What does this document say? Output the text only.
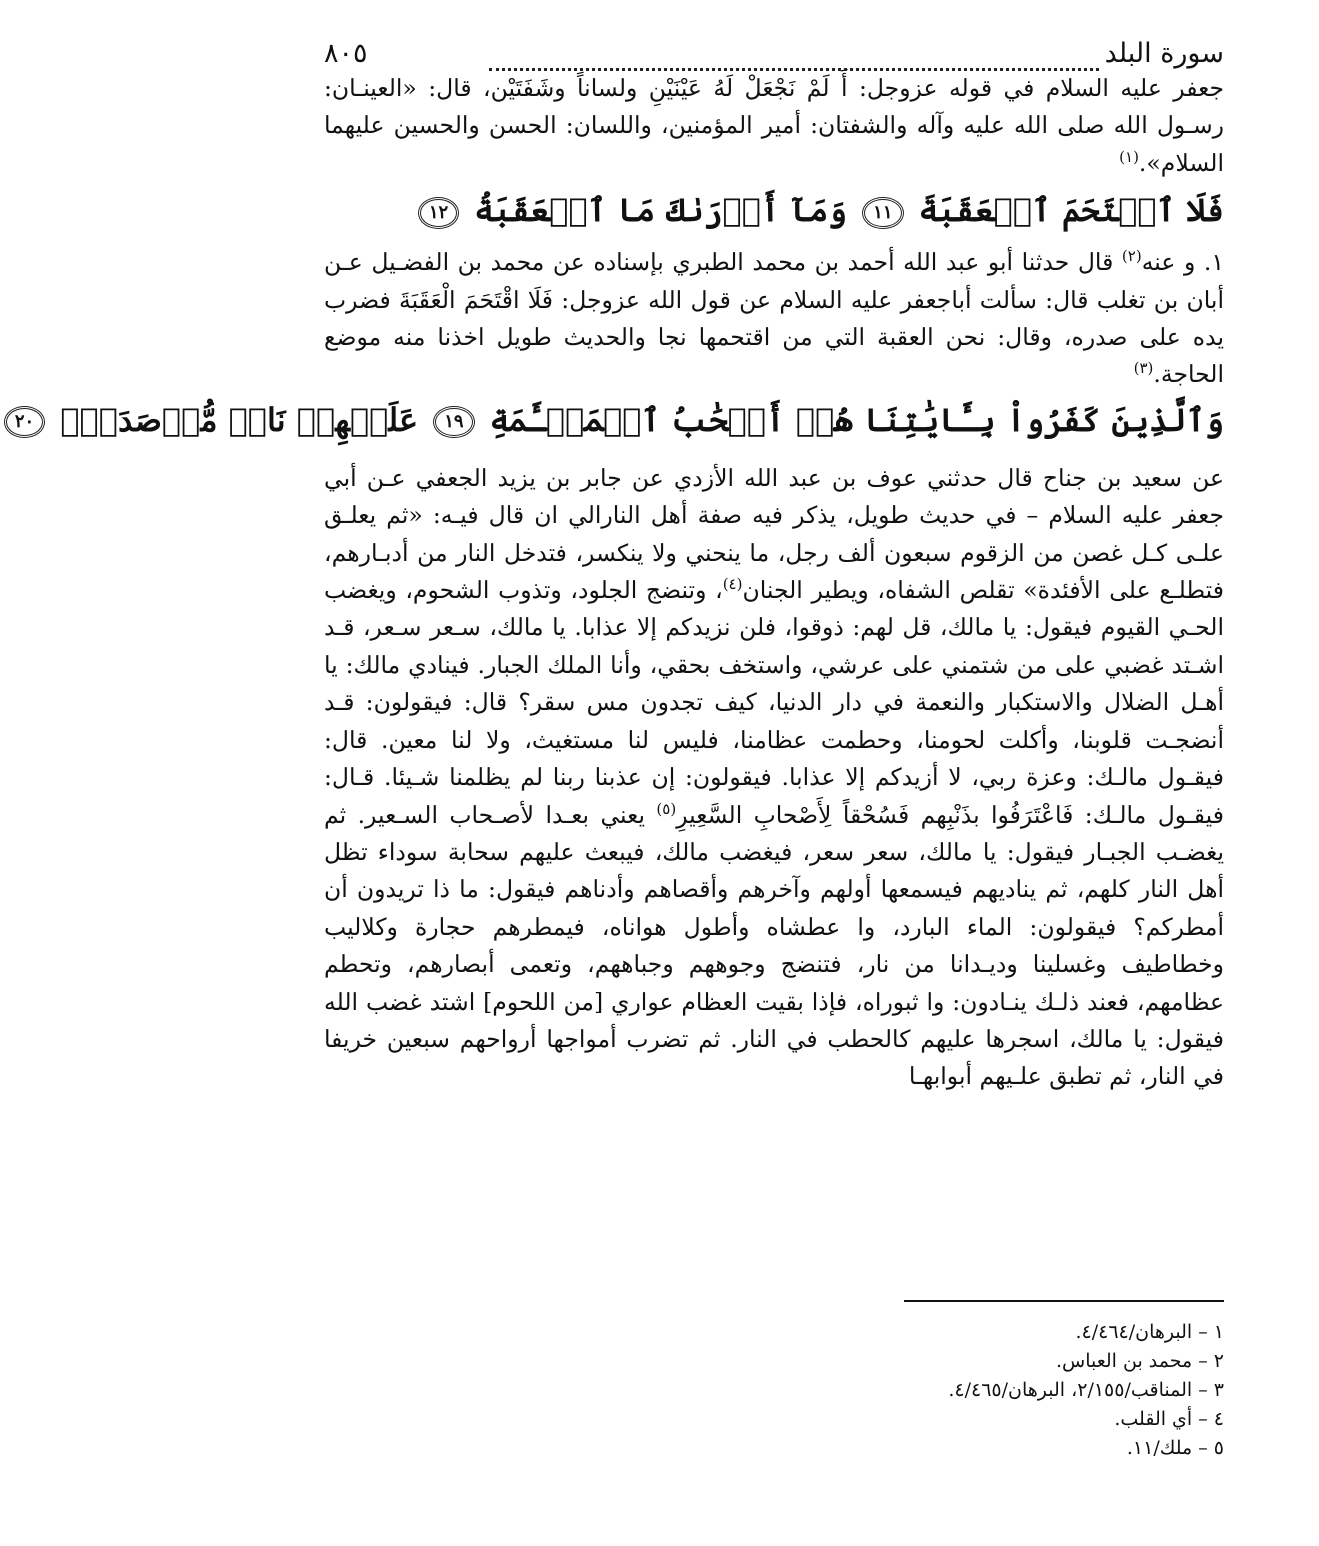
سورة البلد
٨٠٥

جعفر عليه السلام في قوله عزوجل: أَ لَمْ نَجْعَلْ لَهُ عَيْنَيْنِ ولساناً وشَفَتَيْن، قال: «العينـان: رسـول الله صلى الله عليه وآله والشفتان: أمير المؤمنين، واللسان: الحسن والحسين عليهما السلام».$^{(١)}$

فَلَا ٱقۡتَحَمَ ٱلۡعَقَبَةَ ١١ وَمَآ أَدۡرَىٰكَ مَا ٱلۡعَقَبَةُ ١٢

١. و عنه$^{(٢)}$ قال حدثنا أبو عبد الله أحمد بن محمد الطبري بإسناده عن محمد بن الفضـيل عـن أبان بن تغلب قال: سألت أباجعفر عليه السلام عن قول الله عزوجل: فَلَا اقْتَحَمَ الْعَقَبَةَ فضرب يده على صدره، وقال: نحن العقبة التي من اقتحمها نجا والحديث طويل اخذنا منه موضع الحاجة.$^{(٣)}$

وَٱلَّذِينَ كَفَرُواْ بِـَٔايَٰتِنَا هُمۡ أَصۡحَٰبُ ٱلۡمَشۡـَٔمَةِ ١٩ عَلَيۡهِمۡ نَارٞ مُّؤۡصَدَةُۢ ٢٠

عن سعيد بن جناح قال حدثني عوف بن عبد الله الأزدي عن جابر بن يزيد الجعفي عـن أبي جعفر عليه السلام – في حديث طويل، يذكر فيه صفة أهل النارالي ان قال فيـه: «ثم يعلـق علـى كـل غصن من الزقوم سبعون ألف رجل، ما ينحني ولا ينكسر، فتدخل النار من أدبـارهم، فتطلـع على الأفئدة» تقلص الشفاه، ويطير الجنان$^{(٤)}$، وتنضج الجلود، وتذوب الشحوم، ويغضب الحـي القيوم فيقول: يا مالك، قل لهم: ذوقوا، فلن نزيدكم إلا عذابا. يا مالك، سـعر سـعر، قـد اشـتد غضبي على من شتمني على عرشي، واستخف بحقي، وأنا الملك الجبار. فينادي مالك: يا أهـل الضلال والاستكبار والنعمة في دار الدنيا، كيف تجدون مس سقر؟ قال: فيقولون: قـد أنضجـت قلوبنا، وأكلت لحومنا، وحطمت عظامنا، فليس لنا مستغيث، ولا لنا معين. قال: فيقـول مالـك: وعزة ربي، لا أزيدكم إلا عذابا. فيقولون: إن عذبنا ربنا لم يظلمنا شـيئا. قـال: فيقـول مالـك: فَاعْتَرَفُوا بذَنْبِهم فَسُحْقاً لِأَصْحابِ السَّعِيرِ$^{(٥)}$ يعني بعـدا لأصـحاب السـعير. ثم يغضـب الجبـار فيقول: يا مالك، سعر سعر، فيغضب مالك، فيبعث عليهم سحابة سوداء تظل أهل النار كلهم، ثم يناديهم فيسمعها أولهم وآخرهم وأقصاهم وأدناهم فيقول: ما ذا تريدون أن أمطركم؟ فيقولون: الماء البارد، وا عطشاه وأطول هواناه، فيمطرهم حجارة وكلاليب وخطاطيف وغسلينا وديـدانا من نار، فتنضج وجوههم وجباههم، وتعمى أبصارهم، وتحطم عظامهم، فعند ذلـك ينـادون: وا ثبوراه، فإذا بقيت العظام عواري [من اللحوم] اشتد غضب الله فيقول: يا مالك، اسجرها عليهم كالحطب في النار. ثم تضرب أمواجها أرواحهم سبعين خريفا في النار، ثم تطبق علـيهم أبوابهـا

١ – البرهان/٤/٤٦٤.

٢ – محمد بن العباس.

٣ – المناقب/٢/١٥٥، البرهان/٤/٤٦٥.

٤ – أي القلب.

٥ – ملك/١١.
